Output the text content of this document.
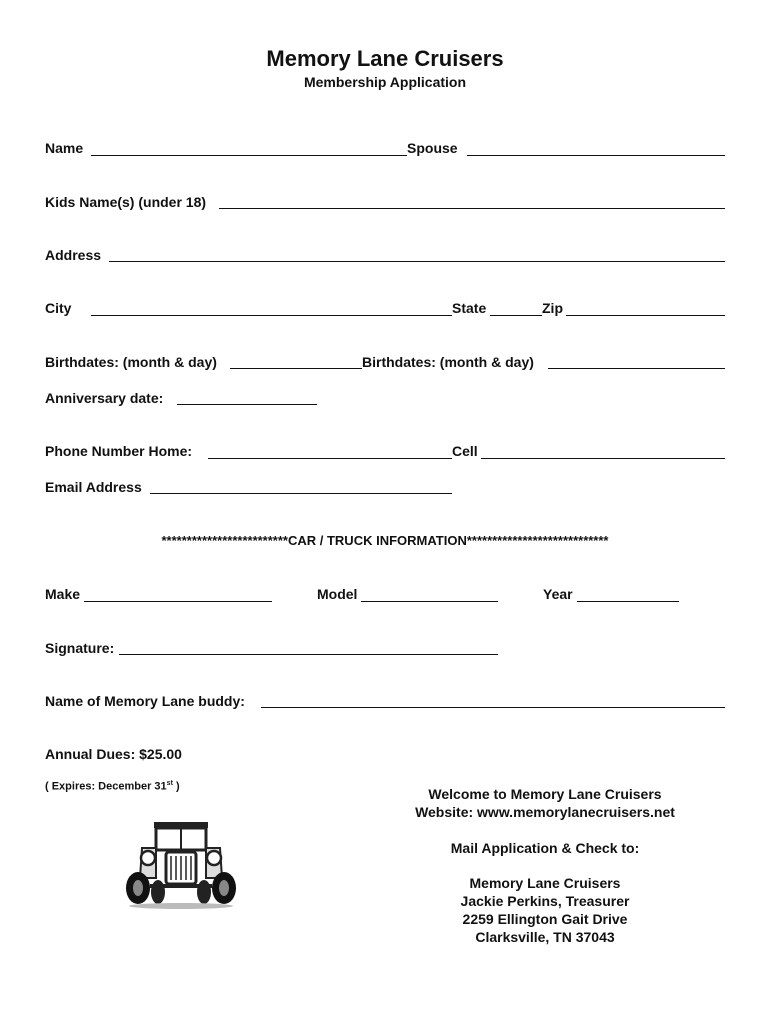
Memory Lane Cruisers
Membership Application
Name	Spouse
Kids Name(s) (under 18)
Address
City	State	Zip
Birthdates: (month & day)	Birthdates: (month & day)
Anniversary date:
Phone Number Home:	Cell
Email Address
*************************CAR / TRUCK INFORMATION****************************
Make	Model	Year
Signature:
Name of Memory Lane buddy:
Annual Dues: $25.00
( Expires: December 31st )	Welcome to Memory Lane Cruisers
Website: www.memorylanecruisers.net
Mail Application & Check to:
Memory Lane Cruisers
Jackie Perkins, Treasurer
2259 Ellington Gait Drive
Clarksville, TN 37043
